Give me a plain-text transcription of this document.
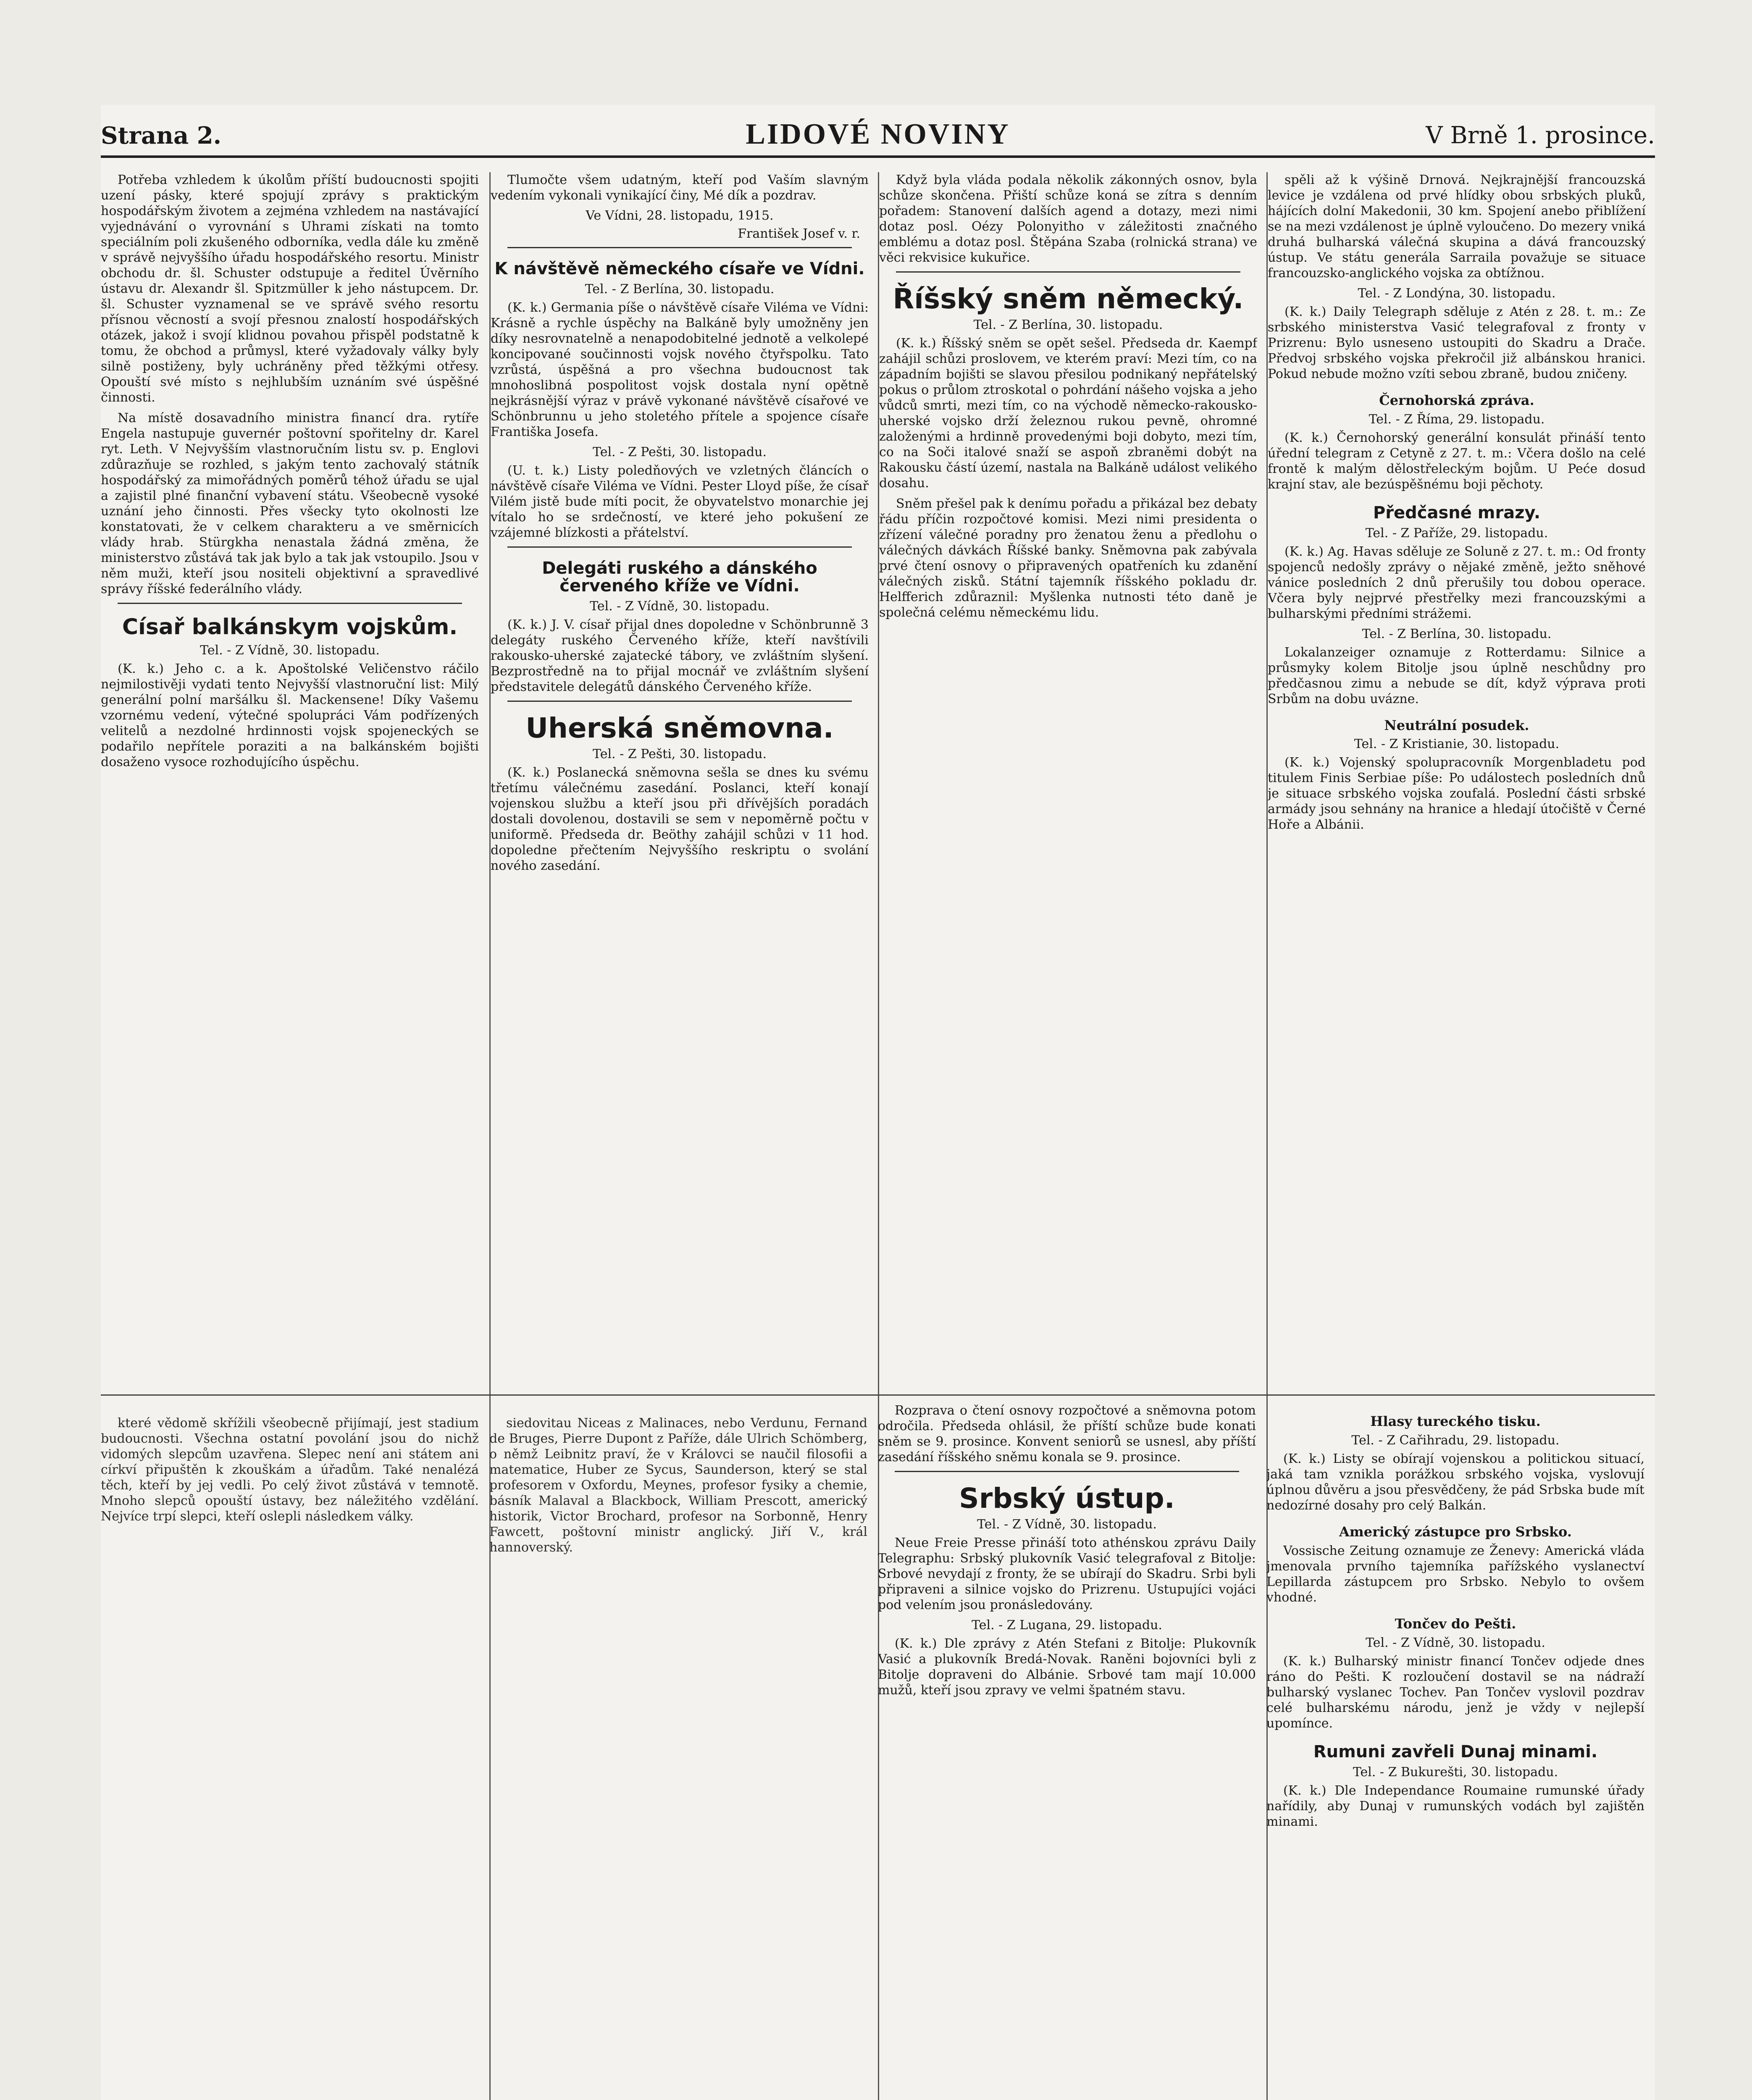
Strana 2.	LIDOVÉ NOVINY	V Brně 1. prosince.

Potřeba vzhledem k úkolům příští budoucnosti spojiti uzení pásky, které spojují zprávy s praktickým hospodářským životem a zejména vzhledem na nastávající vyjednávání o vyrovnání s Uhrami získati na tomto speciálním poli zkušeného odborníka, vedla dále ku změně v správě nejvyššího úřadu hospodářského resortu. Ministr obchodu dr. šl. Schuster odstupuje a ředitel Úvěrního ústavu dr. Alexandr šl. Spitzmüller k jeho nástupcem. Dr. šl. Schuster vyznamenal se ve správě svého resortu přísnou věcností a svojí přesnou znalostí hospodářských otázek, jakož i svojí klidnou povahou přispěl podstatně k tomu, že obchod a průmysl, které vyžadovaly války byly silně postiženy, byly uchráněny před těžkými otřesy. Opouští své místo s nejhlubším uznáním své úspěšné činnosti.

Na místě dosavadního ministra financí dra. rytíře Engela nastupuje guvernér poštovní spořitelny dr. Karel ryt. Leth. V Nejvyšším vlastnoručním listu sv. p. Englovi zdůrazňuje se rozhled, s jakým tento zachovalý státník hospodářský za mimořádných poměrů téhož úřadu se ujal a zajistil plné finanční vybavení státu. Všeobecně vysoké uznání jeho činnosti. Přes všecky tyto okolnosti lze konstatovati, že v celkem charakteru a ve směrnicích vlády hrab. Stürgkha nenastala žádná změna, že ministerstvo zůstává tak jak bylo a tak jak vstoupilo. Jsou v něm muži, kteří jsou nositeli objektivní a spravedlivé správy říšské federálního vlády.

Císař balkánskym vojskům.
Tel. - Z Vídně, 30. listopadu.

(K. k.) Jeho c. a k. Apoštolské Veličenstvo ráčilo nejmilostivěji vydati tento Nejvyšší vlastnoruční list: Milý generální polní maršálku šl. Mackensene! Díky Vašemu vzornému vedení, výtečné spolupráci Vám podřízených velitelů a nezdolné hrdinnosti vojsk spojeneckých se podařilo nepřítele poraziti a na balkánském bojišti dosaženo vysoce rozhodujícího úspěchu.

Tlumočte všem udatným, kteří pod Vaším slavným vedením vykonali vynikající činy, Mé dík a pozdrav.

Ve Vídni, 28. listopadu, 1915.
František Josef v. r.
K návštěvě německého císaře ve Vídni.
Tel. - Z Berlína, 30. listopadu.

(K. k.) Germania píše o návštěvě císaře Viléma ve Vídni: Krásně a rychle úspěchy na Balkáně byly umožněny jen díky nesrovnatelně a nenapodobitelné jednotě a velkolepé koncipované součinnosti vojsk nového čtyřspolku. Tato vzrůstá, úspěšná a pro všechna budoucnost tak mnohoslibná pospolitost vojsk dostala nyní opětně nejkrásnější výraz v právě vykonané návštěvě císařové ve Schönbrunnu u jeho stoletého přítele a spojence císaře Františka Josefa.

Tel. - Z Pešti, 30. listopadu.

(U. t. k.) Listy poledňových ve vzletných článcích o návštěvě císaře Viléma ve Vídni. Pester Lloyd píše, že císař Vilém jistě bude míti pocit, že obyvatelstvo monarchie jej vítalo ho se srdečností, ve které jeho pokušení ze vzájemné blízkosti a přátelství.

Delegáti ruského a dánského červeného kříže ve Vídni.
Tel. - Z Vídně, 30. listopadu.

(K. k.) J. V. císař přijal dnes dopoledne v Schönbrunně 3 delegáty ruského Červeného kříže, kteří navštívili rakousko-uherské zajatecké tábory, ve zvláštním slyšení. Bezprostředně na to přijal mocnář ve zvláštním slyšení představitele delegátů dánského Červeného kříže.

Uherská sněmovna.
Tel. - Z Pešti, 30. listopadu.

(K. k.) Poslanecká sněmovna sešla se dnes ku svému třetímu válečnému zasedání. Poslanci, kteří konají vojenskou službu a kteří jsou při dřívějších poradách dostali dovolenou, dostavili se sem v nepoměrně počtu v uniformě. Předseda dr. Beöthy zahájil schůzi v 11 hod. dopoledne přečtením Nejvyššího reskriptu o svolání nového zasedání.

Když byla vláda podala několik zákonných osnov, byla schůze skončena. Přiští schůze koná se zítra s denním pořadem: Stanovení dalších agend a dotazy, mezi nimi dotaz posl. Oézy Polonyitho v záležitosti značného emblému a dotaz posl. Štěpána Szaba (rolnická strana) ve věci rekvisice kukuřice.

Říšský sněm německý.
Tel. - Z Berlína, 30. listopadu.

(K. k.) Říšský sněm se opět sešel. Předseda dr. Kaempf zahájil schůzi proslovem, ve kterém praví: Mezi tím, co na západním bojišti se slavou přesilou podnikaný nepřátelský pokus o průlom ztroskotal o pohrdání nášeho vojska a jeho vůdců smrti, mezi tím, co na východě německo-rakousko-uherské vojsko drží železnou rukou pevně, ohromné založenými a hrdinně provedenými boji dobyto, mezi tím, co na Soči italové snaží se aspoň zbraněmi dobýt na Rakousku částí území, nastala na Balkáně událost velikého dosahu.

Sněm přešel pak k denímu pořadu a přikázal bez debaty řádu příčin rozpočtové komisi. Mezi nimi presidenta o zřízení válečné poradny pro ženatou ženu a předlohu o válečných dávkách Říšské banky. Sněmovna pak zabývala prvé čtení osnovy o připravených opatřeních ku zdanění válečných zisků. Státní tajemník říšského pokladu dr. Helfferich zdůraznil: Myšlenka nutnosti této daně je společná celému německému lidu.

spěli až k výšině Drnová. Nejkrajnější francouzská levice je vzdálena od prvé hlídky obou srbských pluků, hájících dolní Makedonii, 30 km. Spojení anebo přiblížení se na mezi vzdálenost je úplně vyloučeno. Do mezery vniká druhá bulharská válečná skupina a dává francouzský ústup. Ve státu generála Sarraila považuje se situace francouzsko-anglického vojska za obtížnou.

Tel. - Z Londýna, 30. listopadu.

(K. k.) Daily Telegraph sděluje z Atén z 28. t. m.: Ze srbského ministerstva Vasić telegrafoval z fronty v Prizrenu: Bylo usneseno ustoupiti do Skadru a Drače. Předvoj srbského vojska překročil již albánskou hranici. Pokud nebude možno vzíti sebou zbraně, budou zničeny.

Černohorská zpráva.
Tel. - Z Říma, 29. listopadu.

(K. k.) Černohorský generální konsulát přináší tento úřední telegram z Cetyně z 27. t. m.: Včera došlo na celé frontě k malým dělostřeleckým bojům. U Peće dosud krajní stav, ale bezúspěšnému boji pěchoty.

Předčasné mrazy.
Tel. - Z Paříže, 29. listopadu.

(K. k.) Ag. Havas sděluje ze Soluně z 27. t. m.: Od fronty spojenců nedošly zprávy o nějaké změně, ježto sněhové vánice posledních 2 dnů přerušily tou dobou operace. Včera byly nejprvé přestřelky mezi francouzskými a bulharskými předními strážemi.

Tel. - Z Berlína, 30. listopadu.

Lokalanzeiger oznamuje z Rotterdamu: Silnice a průsmyky kolem Bitolje jsou úplně neschůdny pro předčasnou zimu a nebude se dít, když výprava proti Srbům na dobu uvázne.

Neutrální posudek.
Tel. - Z Kristianie, 30. listopadu.

(K. k.) Vojenský spolupracovník Morgenbladetu pod titulem Finis Serbiae píše: Po událostech posledních dnů je situace srbského vojska zoufalá. Poslední části srbské armády jsou sehnány na hranice a hledají útočiště v Černé Hoře a Albánii.

které vědomě skřížili všeobecně přijímají, jest stadium budoucnosti. Všechna ostatní povolání jsou do nichž vidomých slepcům uzavřena. Slepec není ani státem ani církví připuštěn k zkouškám a úřadům. Také nenalézá těch, kteří by jej vedli. Po celý život zůstává v temnotě. Mnoho slepců opouští ústavy, bez náležitého vzdělání. Nejvíce trpí slepci, kteří oslepli následkem války.

siedovitau Niceas z Malinaces, nebo Verdunu, Fernand de Bruges, Pierre Dupont z Paříže, dále Ulrich Schömberg, o němž Leibnitz praví, že v Královci se naučil filosofii a matematice, Huber ze Sycus, Saunderson, který se stal profesorem v Oxfordu, Meynes, profesor fysiky a chemie, básník Malaval a Blackbock, William Prescott, americký historik, Victor Brochard, profesor na Sorbonně, Henry Fawcett, poštovní ministr anglický. Jiří V., král hannoverský.

Rozprava o čtení osnovy rozpočtové a sněmovna potom odročila. Předseda ohlásil, že příští schůze bude konati sněm se 9. prosince. Konvent seniorů se usnesl, aby příští zasedání říšského sněmu konala se 9. prosince.

Srbský ústup.
Tel. - Z Vídně, 30. listopadu.

Neue Freie Presse přináší toto athénskou zprávu Daily Telegraphu: Srbský plukovník Vasić telegrafoval z Bitolje: Srbové nevydají z fronty, že se ubírají do Skadru. Srbi byli připraveni a silnice vojsko do Prizrenu. Ustupujíci vojáci pod velením jsou pronásledovány.

Tel. - Z Lugana, 29. listopadu.

(K. k.) Dle zprávy z Atén Stefani z Bitolje: Plukovník Vasić a plukovník Bredá-Novak. Raněni bojovníci byli z Bitolje dopraveni do Albánie. Srbové tam mají 10.000 mužů, kteří jsou zpravy ve velmi špatném stavu.

Hlasy tureckého tisku.
Tel. - Z Cařihradu, 29. listopadu.

(K. k.) Listy se obírají vojenskou a politickou situací, jaká tam vznikla porážkou srbského vojska, vyslovují úplnou důvěru a jsou přesvědčeny, že pád Srbska bude mít nedozírné dosahy pro celý Balkán.

Americký zástupce pro Srbsko.

Vossische Zeitung oznamuje ze Ženevy: Americká vláda jmenovala prvního tajemníka pařížského vyslanectví Lepillarda zástupcem pro Srbsko. Nebylo to ovšem vhodné.

Tončev do Pešti.
Tel. - Z Vídně, 30. listopadu.

(K. k.) Bulharský ministr financí Tončev odjede dnes ráno do Pešti. K rozloučení dostavil se na nádraží bulharský vyslanec Tochev. Pan Tončev vyslovil pozdrav celé bulharskému národu, jenž je vždy v nejlepší upomínce.

Rumuni zavřeli Dunaj minami.
Tel. - Z Bukurešti, 30. listopadu.

(K. k.) Dle Independance Roumaine rumunské úřady nařídily, aby Dunaj v rumunských vodách byl zajištěn minami.
